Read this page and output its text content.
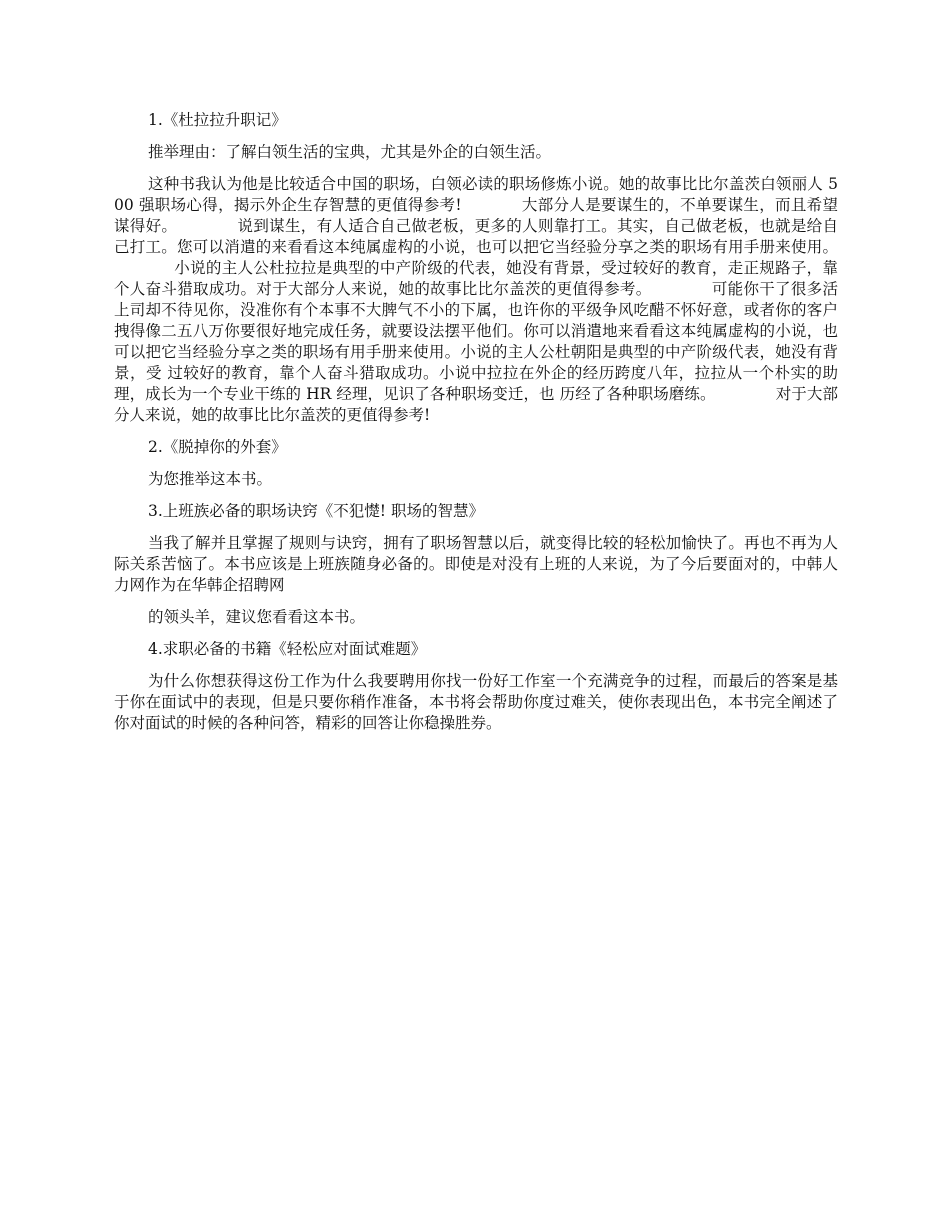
1.《杜拉拉升职记》

推举理由：了解白领生活的宝典，尤其是外企的白领生活。

这种书我认为他是比较适合中国的职场，白领必读的职场修炼小说。她的故事比比尔盖茨白领丽人 500 强职场心得，揭示外企生存智慧的更值得参考!	大部分人是要谋生的，不单要谋生，而且希望谋得好。	说到谋生，有人适合自己做老板，更多的人则靠打工。其实，自己做老板，也就是给自己打工。您可以消遣的来看看这本纯属虚构的小说，也可以把它当经验分享之类的职场有用手册来使用。小说的主人公杜拉拉是典型的中产阶级的代表，她没有背景，受过较好的教育，走正规路子，靠个人奋斗猎取成功。对于大部分人来说，她的故事比比尔盖茨的更值得参考。	可能你干了很多活上司却不待见你，没准你有个本事不大脾气不小的下属，也许你的平级争风吃醋不怀好意，或者你的客户拽得像二五八万你要很好地完成任务，就要设法摆平他们。你可以消遣地来看看这本纯属虚构的小说，也可以把它当经验分享之类的职场有用手册来使用。小说的主人公杜朝阳是典型的中产阶级代表，她没有背景，受 过较好的教育，靠个人奋斗猎取成功。小说中拉拉在外企的经历跨度八年，拉拉从一个朴实的助理，成长为一个专业干练的 HR 经理，见识了各种职场变迁，也 历经了各种职场磨练。	对于大部分人来说，她的故事比比尔盖茨的更值得参考!

2.《脱掉你的外套》

为您推举这本书。

3.上班族必备的职场诀窍《不犯憷! 职场的智慧》

当我了解并且掌握了规则与诀窍，拥有了职场智慧以后，就变得比较的轻松加愉快了。再也不再为人际关系苦恼了。本书应该是上班族随身必备的。即使是对没有上班的人来说，为了今后要面对的，中韩人力网作为在华韩企招聘网

的领头羊，建议您看看这本书。

4.求职必备的书籍《轻松应对面试难题》

为什么你想获得这份工作为什么我要聘用你找一份好工作室一个充满竞争的过程，而最后的答案是基于你在面试中的表现，但是只要你稍作准备，本书将会帮助你度过难关，使你表现出色，本书完全阐述了你对面试的时候的各种问答，精彩的回答让你稳操胜券。
